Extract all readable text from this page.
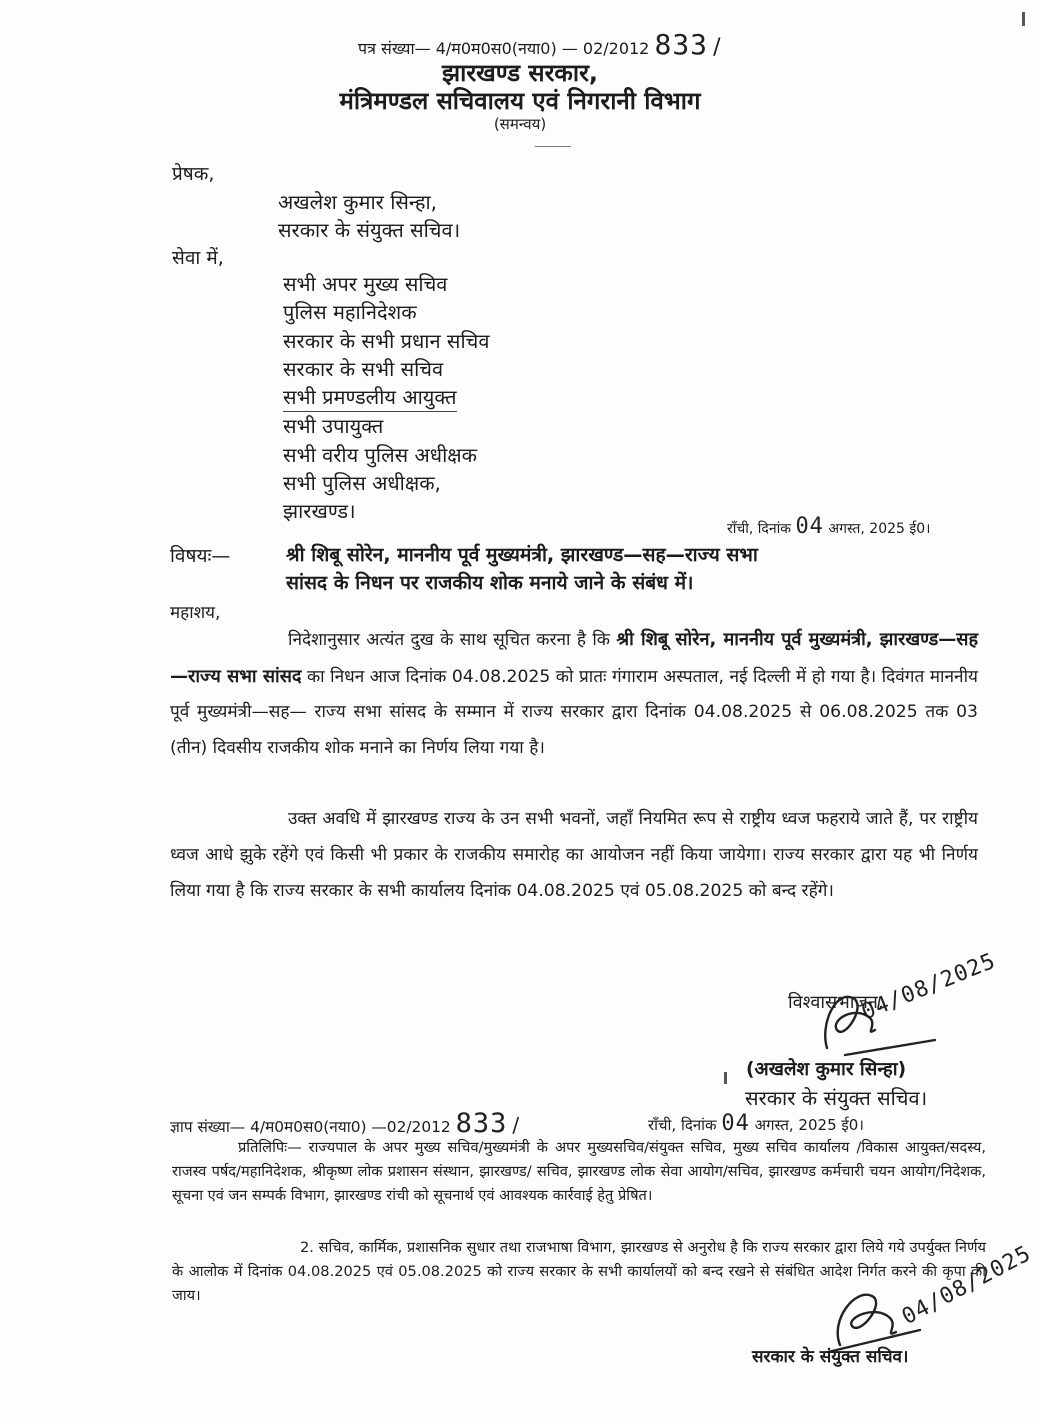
पत्र संख्या— 4/म0म0स0(नया0) — 02/2012 833 /
झारखण्ड सरकार,
मंत्रिमण्डल सचिवालय एवं निगरानी विभाग
(समन्वय)
प्रेषक,
अखलेश कुमार सिन्हा,
सरकार के संयुक्त सचिव।
सेवा में,
सभी अपर मुख्य सचिव
पुलिस महानिदेशक
सरकार के सभी प्रधान सचिव
सरकार के सभी सचिव
सभी प्रमण्डलीय आयुक्त
सभी उपायुक्त
सभी वरीय पुलिस अधीक्षक
सभी पुलिस अधीक्षक,
झारखण्ड।
राँची, दिनांक 04 अगस्त, 2025 ई0।
विषयः—	श्री शिबू सोरेन, माननीय पूर्व मुख्यमंत्री, झारखण्ड—सह—राज्य सभा
सांसद के निधन पर राजकीय शोक मनाये जाने के संबंध में।
महाशय,
निदेशानुसार अत्यंत दुख के साथ सूचित करना है कि श्री शिबू सोरेन, माननीय पूर्व मुख्यमंत्री, झारखण्ड—सह—राज्य सभा सांसद का निधन आज दिनांक 04.08.2025 को प्रातः गंगाराम अस्पताल, नई दिल्ली में हो गया है। दिवंगत माननीय पूर्व मुख्यमंत्री—सह— राज्य सभा सांसद के सम्मान में राज्य सरकार द्वारा दिनांक 04.08.2025 से 06.08.2025 तक 03 (तीन) दिवसीय राजकीय शोक मनाने का निर्णय लिया गया है।
उक्त अवधि में झारखण्ड राज्य के उन सभी भवनों, जहाँ नियमित रूप से राष्ट्रीय ध्वज फहराये जाते हैं, पर राष्ट्रीय ध्वज आधे झुके रहेंगे एवं किसी भी प्रकार के राजकीय समारोह का आयोजन नहीं किया जायेगा। राज्य सरकार द्वारा यह भी निर्णय लिया गया है कि राज्य सरकार के सभी कार्यालय दिनांक 04.08.2025 एवं 05.08.2025 को बन्द रहेंगे।
विश्वासभाजन,
04/08/2025
(अखलेश कुमार सिन्हा)
सरकार के संयुक्त सचिव।
ज्ञाप संख्या— 4/म0म0स0(नया0) —02/2012 833 /	राँची, दिनांक 04 अगस्त, 2025 ई0।
प्रतिलिपिः— राज्यपाल के अपर मुख्य सचिव/मुख्यमंत्री के अपर मुख्यसचिव/संयुक्त सचिव, मुख्य सचिव कार्यालय /विकास आयुक्त/सदस्य, राजस्व पर्षद/महानिदेशक, श्रीकृष्ण लोक प्रशासन संस्थान, झारखण्ड/ सचिव, झारखण्ड लोक सेवा आयोग/सचिव, झारखण्ड कर्मचारी चयन आयोग/निदेशक, सूचना एवं जन सम्पर्क विभाग, झारखण्ड रांची को सूचनार्थ एवं आवश्यक कार्रवाई हेतु प्रेषित।
2. सचिव, कार्मिक, प्रशासनिक सुधार तथा राजभाषा विभाग, झारखण्ड से अनुरोध है कि राज्य सरकार द्वारा लिये गये उपर्युक्त निर्णय के आलोक में दिनांक 04.08.2025 एवं 05.08.2025 को राज्य सरकार के सभी कार्यालयों को बन्द रखने से संबंधित आदेश निर्गत करने की कृपा की जाय।	04/08/2025
सरकार के संयुक्त सचिव।
